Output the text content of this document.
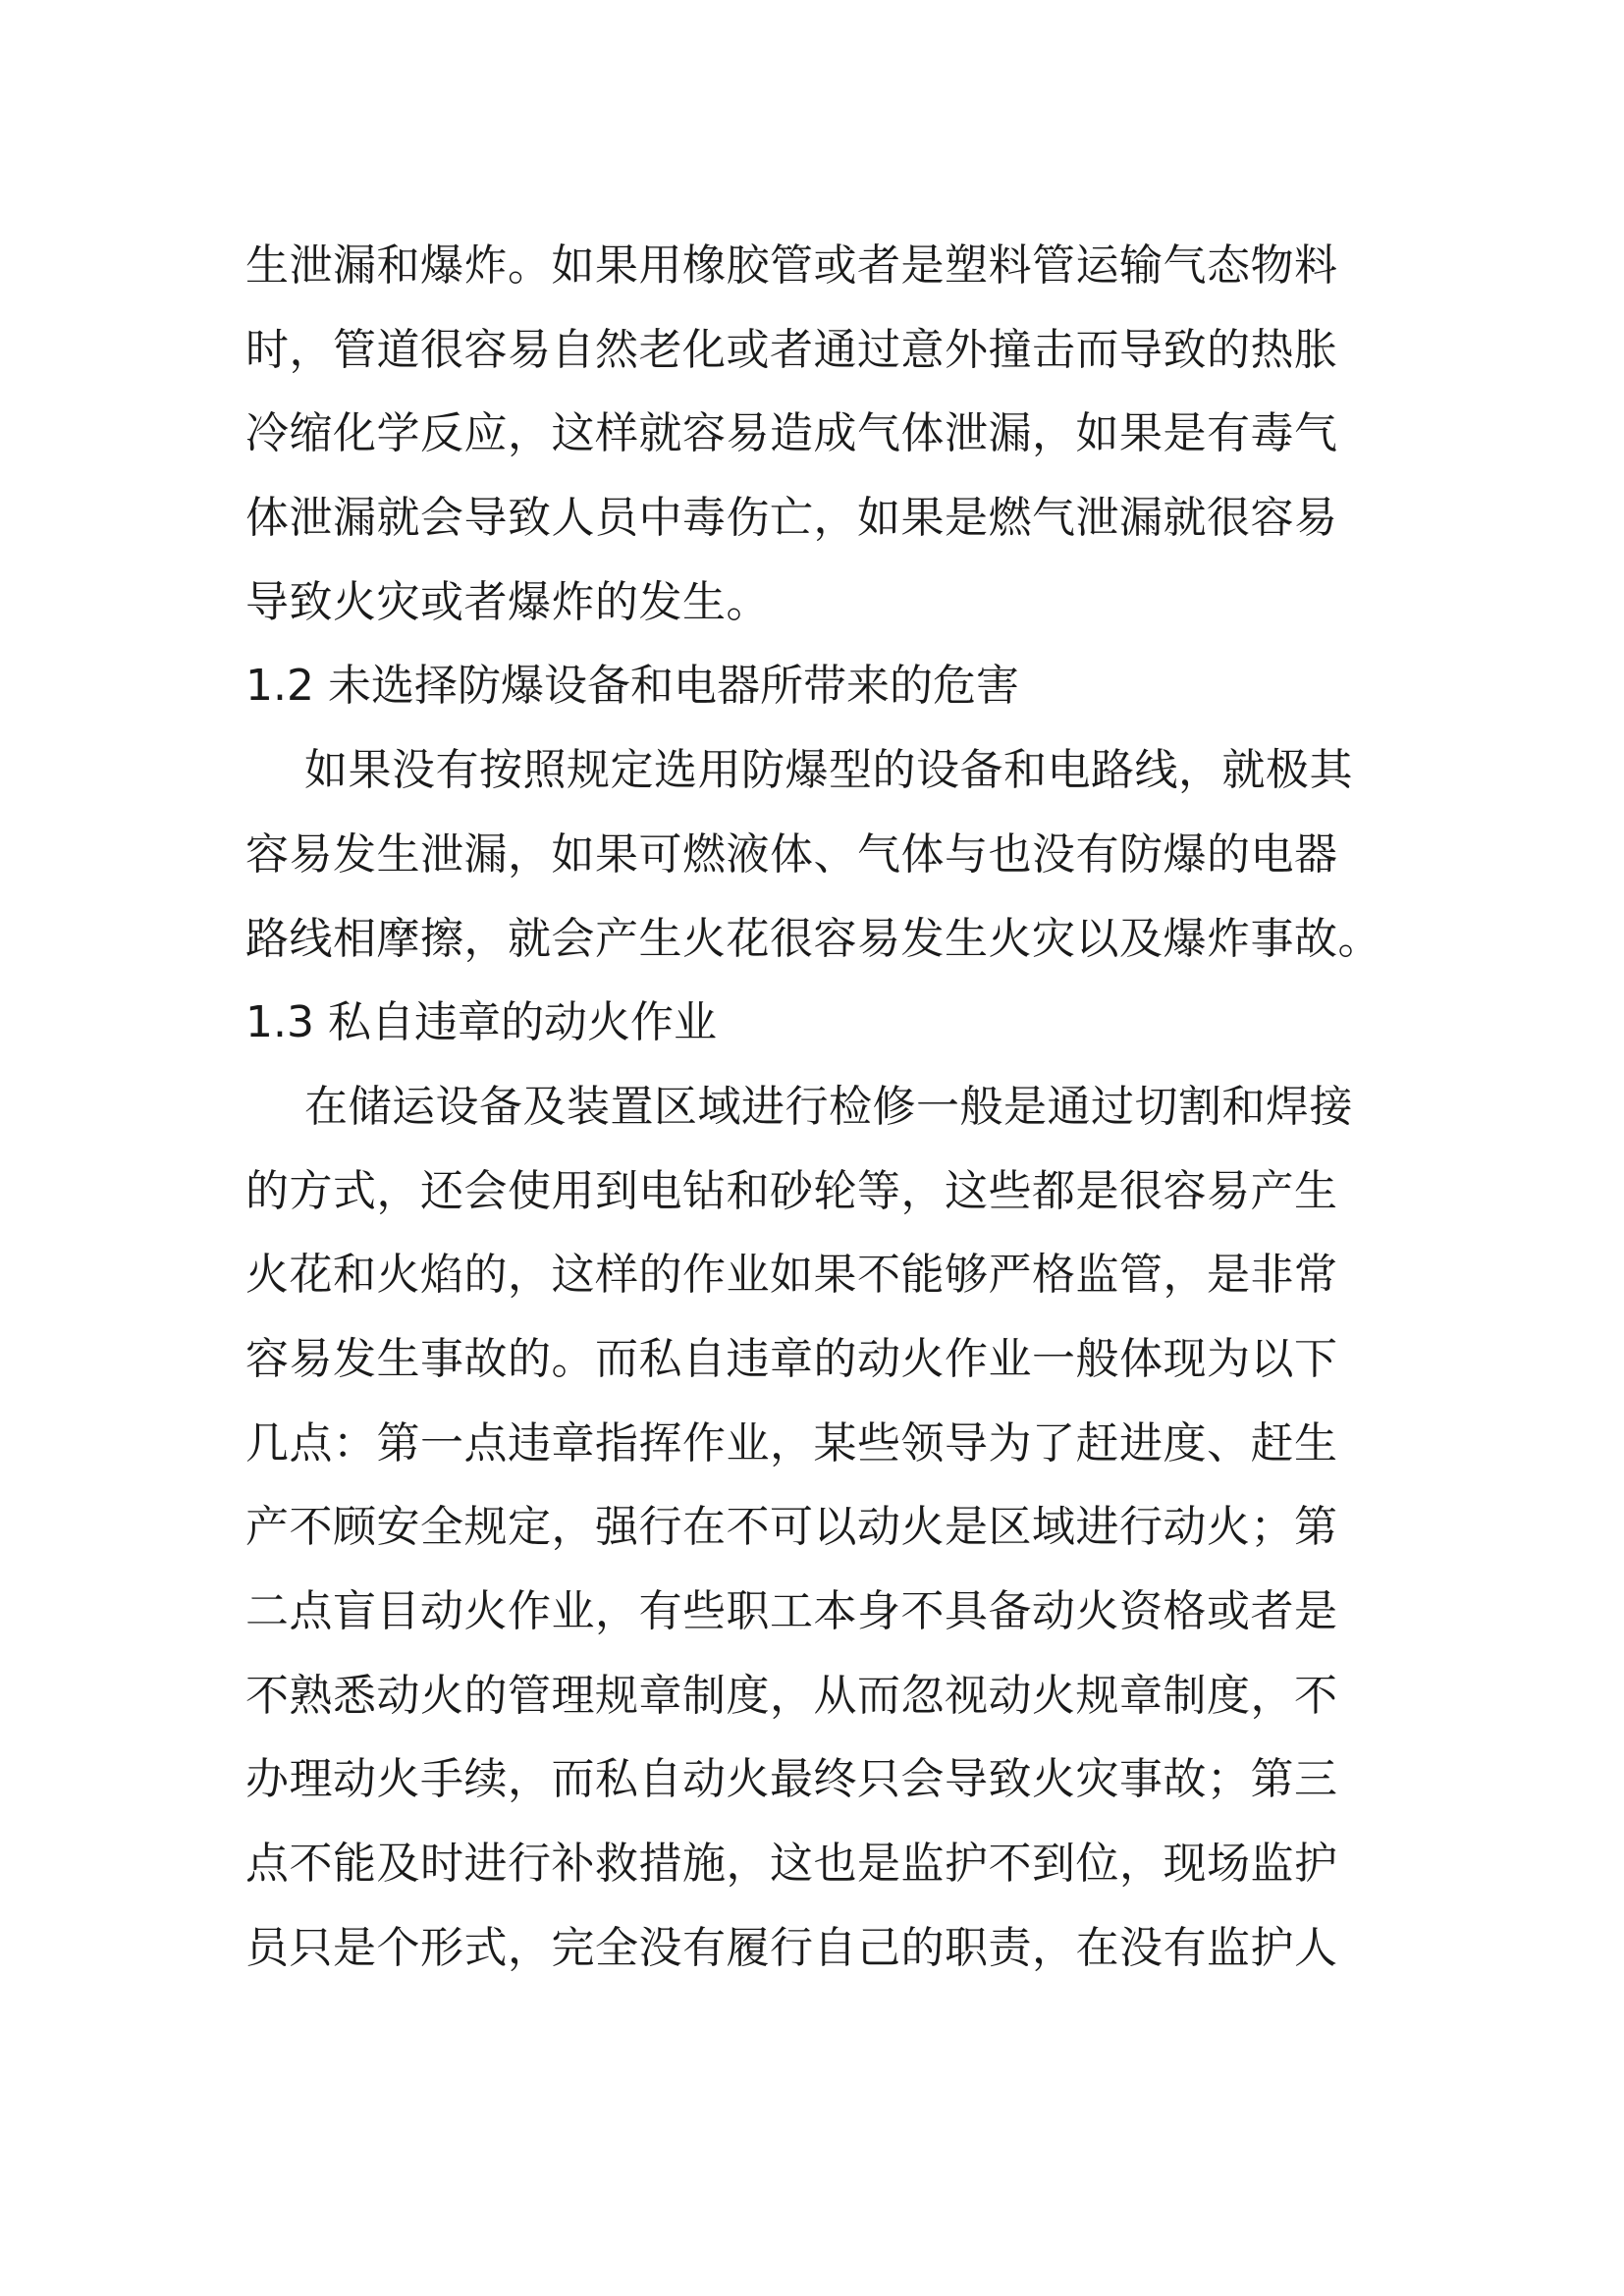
生泄漏和爆炸。如果用橡胶管或者是塑料管运输气态物料
时，管道很容易自然老化或者通过意外撞击而导致的热胀
冷缩化学反应，这样就容易造成气体泄漏，如果是有毒气
体泄漏就会导致人员中毒伤亡，如果是燃气泄漏就很容易
导致火灾或者爆炸的发生。
1.2 未选择防爆设备和电器所带来的危害
如果没有按照规定选用防爆型的设备和电路线，就极其
容易发生泄漏，如果可燃液体、气体与也没有防爆的电器
路线相摩擦，就会产生火花很容易发生火灾以及爆炸事故。
1.3 私自违章的动火作业
在储运设备及装置区域进行检修一般是通过切割和焊接
的方式，还会使用到电钻和砂轮等，这些都是很容易产生
火花和火焰的，这样的作业如果不能够严格监管，是非常
容易发生事故的。而私自违章的动火作业一般体现为以下
几点：第一点违章指挥作业，某些领导为了赶进度、赶生
产不顾安全规定，强行在不可以动火是区域进行动火；第
二点盲目动火作业，有些职工本身不具备动火资格或者是
不熟悉动火的管理规章制度，从而忽视动火规章制度，不
办理动火手续，而私自动火最终只会导致火灾事故；第三
点不能及时进行补救措施，这也是监护不到位，现场监护
员只是个形式，完全没有履行自己的职责，在没有监护人
